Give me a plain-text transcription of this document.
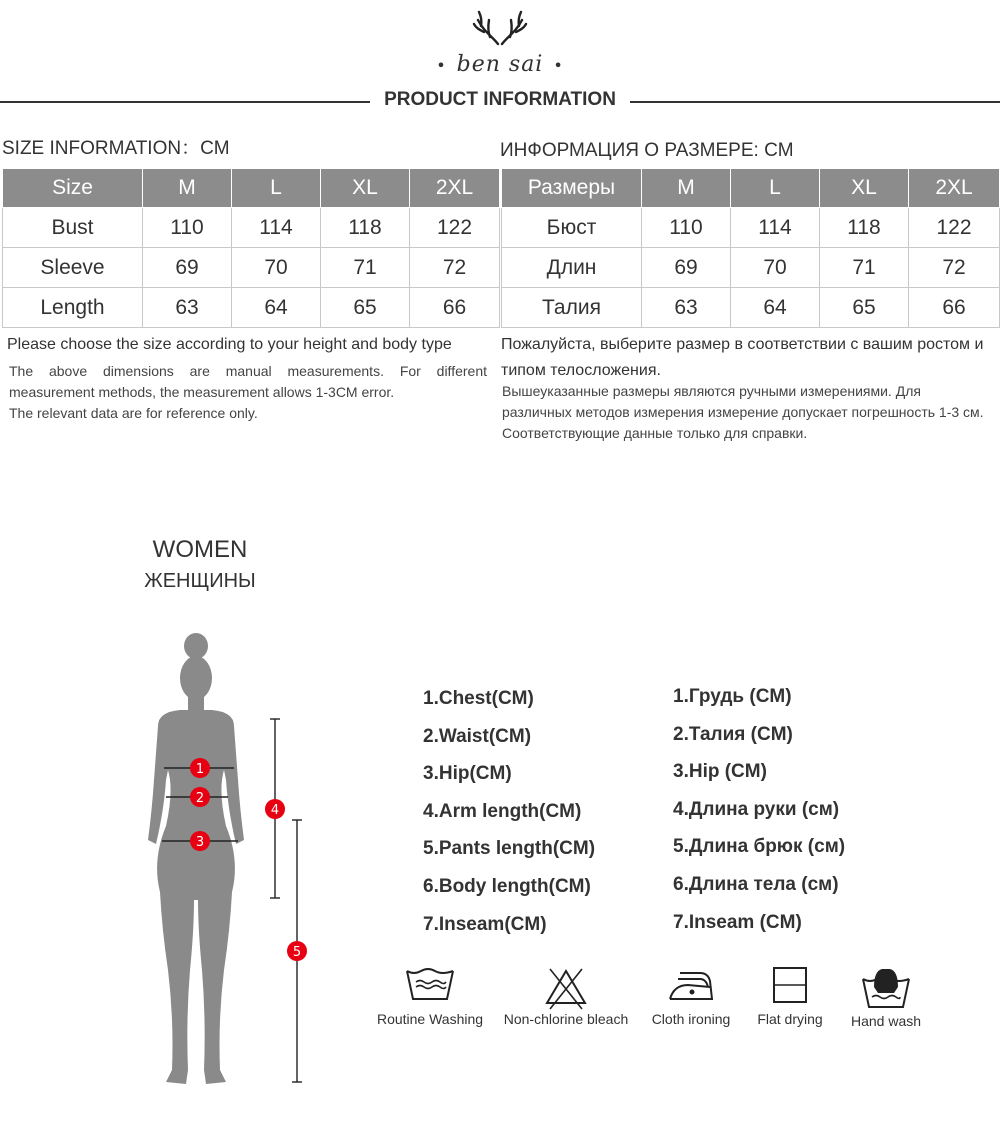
• ben sai •
PRODUCT INFORMATION
SIZE INFORMATION：CM	ИНФОРМАЦИЯ О РАЗМЕРЕ: CM
Size	M	L	XL	2XL
Bust	110	114	118	122
Sleeve	69	70	71	72
Length	63	64	65	66
Размеры	M	L	XL	2XL
Бюст	110	114	118	122
Длин	69	70	71	72
Талия	63	64	65	66
Please choose the size according to your height and body type
The above dimensions are manual measurements. For different measurement methods, the measurement allows 1-3CM error.
The relevant data are for reference only.
Пожалуйста, выберите размер в соответствии с вашим ростом и типом телосложения.
Вышеуказанные размеры являются ручными измерениями. Для различных методов измерения измерение допускает погрешность 1-3 см.
Соответствующие данные только для справки.
WOMEN
ЖЕНЩИНЫ
1
2
3
4
5
1.Chest(CM)
2.Waist(CM)
3.Hip(CM)
4.Arm length(CM)
5.Pants length(CM)
6.Body length(CM)
7.Inseam(CM)
1.Грудь (CM)
2.Талия (CM)
3.Hip (CM)
4.Длина руки (см)
5.Длина брюк (см)
6.Длина тела (см)
7.Inseam (CM)
Routine Washing Non-chlorine bleach	Cloth ironing	Flat drying	Hand wash
